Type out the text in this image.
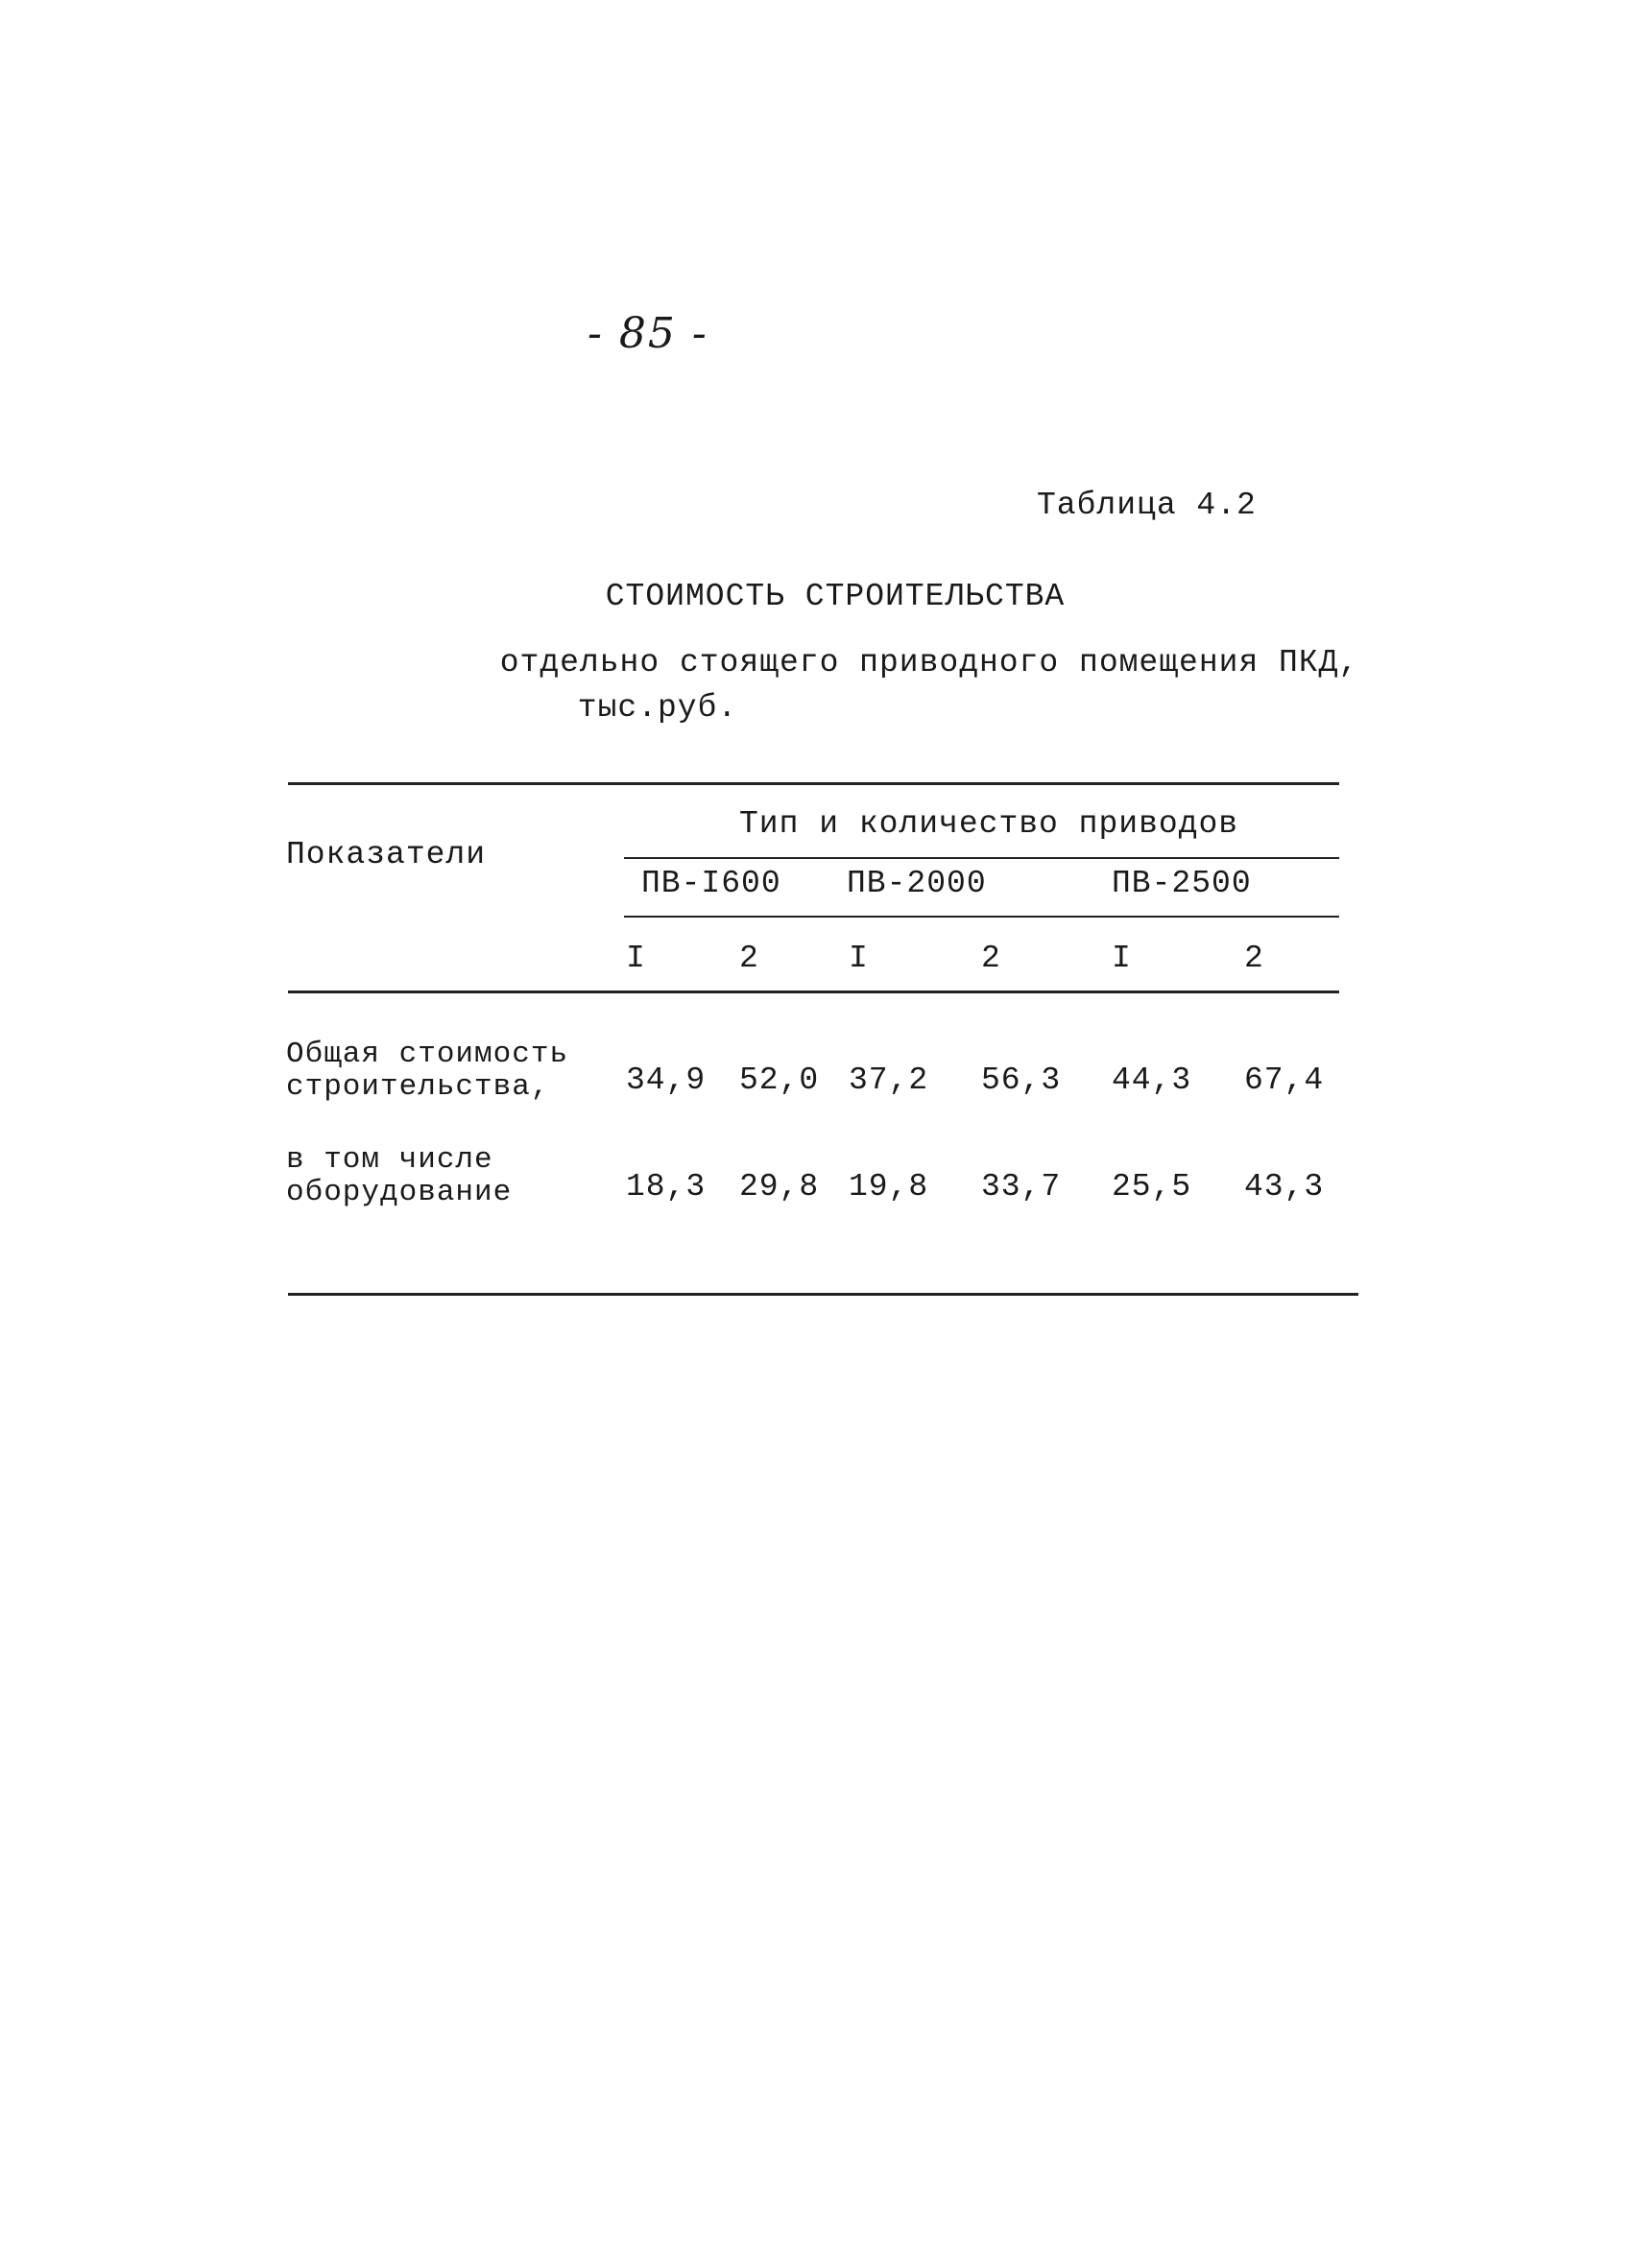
- 85 -
Таблица 4.2
СТОИМОСТЬ СТРОИТЕЛЬСТВА
отдельно стоящего приводного помещения ПКД,
тыс.руб.
Показатели
Тип и количество приводов
ПВ-I600 ПВ-2000	ПВ-2500
I	2	I	2	I	2
Общая стоимость
строительства,	34,9 52,0 37,2 56,3 44,3 67,4
в том числе
оборудование	18,3 29,8 19,8 33,7 25,5 43,3
